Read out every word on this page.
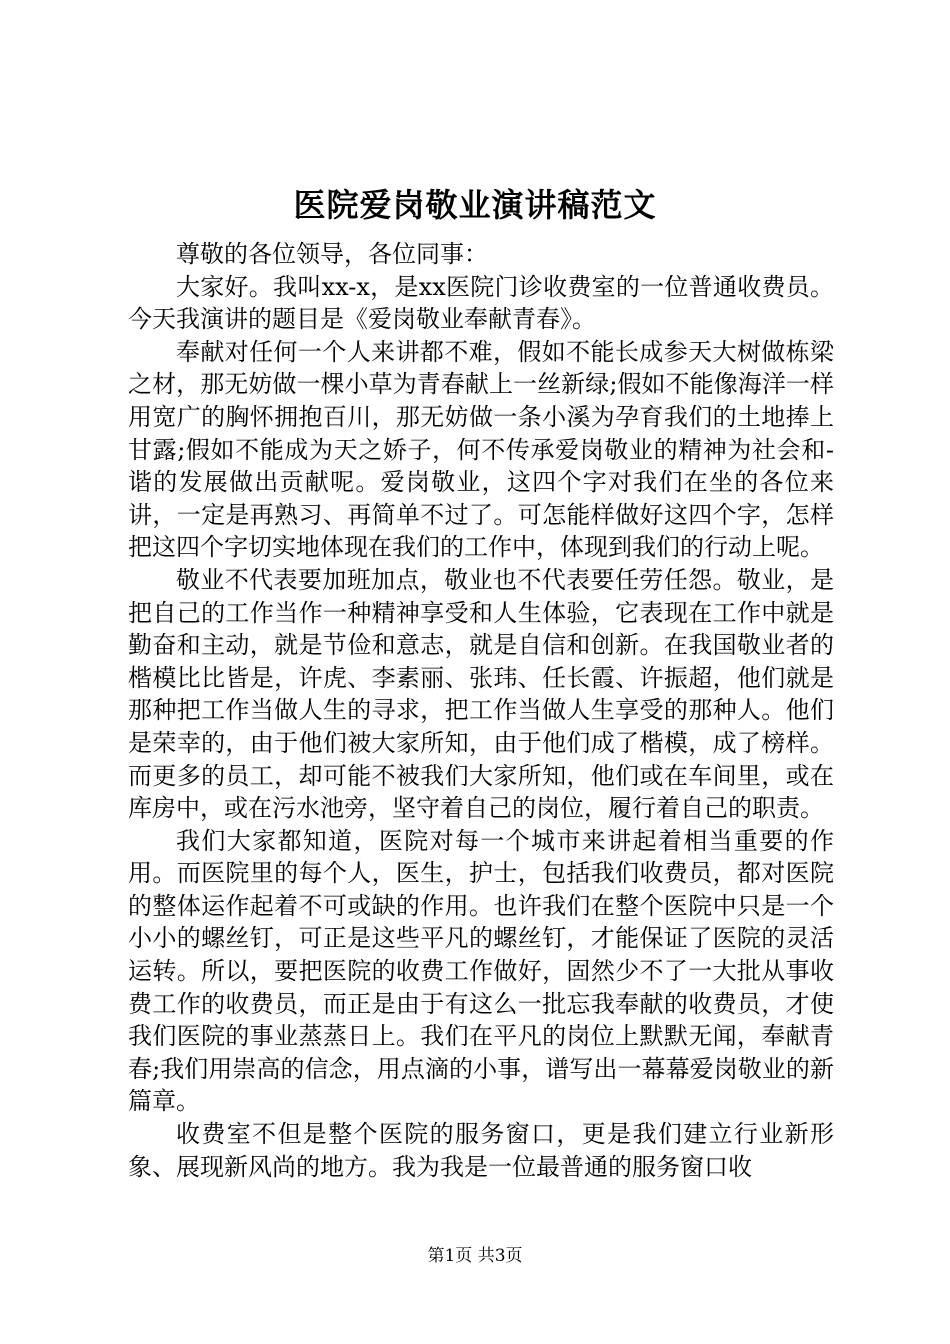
医院爱岗敬业演讲稿范文

尊敬的各位领导，各位同事：

大家好。我叫xx-x，是xx医院门诊收费室的一位普通收费员。今天我演讲的题目是《爱岗敬业奉献青春》。

奉献对任何一个人来讲都不难，假如不能长成参天大树做栋梁之材，那无妨做一棵小草为青春献上一丝新绿;假如不能像海洋一样用宽广的胸怀拥抱百川，那无妨做一条小溪为孕育我们的土地捧上甘露;假如不能成为天之娇子，何不传承爱岗敬业的精神为社会和-谐的发展做出贡献呢。爱岗敬业，这四个字对我们在坐的各位来讲，一定是再熟习、再简单不过了。可怎能样做好这四个字，怎样把这四个字切实地体现在我们的工作中，体现到我们的行动上呢。

敬业不代表要加班加点，敬业也不代表要任劳任怨。敬业，是把自己的工作当作一种精神享受和人生体验，它表现在工作中就是勤奋和主动，就是节俭和意志，就是自信和创新。在我国敬业者的楷模比比皆是，许虎、李素丽、张玮、任长霞、许振超，他们就是那种把工作当做人生的寻求，把工作当做人生享受的那种人。他们是荣幸的，由于他们被大家所知，由于他们成了楷模，成了榜样。而更多的员工，却可能不被我们大家所知，他们或在车间里，或在库房中，或在污水池旁，坚守着自己的岗位，履行着自己的职责。

我们大家都知道，医院对每一个城市来讲起着相当重要的作用。而医院里的每个人，医生，护士，包括我们收费员，都对医院的整体运作起着不可或缺的作用。也许我们在整个医院中只是一个小小的螺丝钉，可正是这些平凡的螺丝钉，才能保证了医院的灵活运转。所以，要把医院的收费工作做好，固然少不了一大批从事收费工作的收费员，而正是由于有这么一批忘我奉献的收费员，才使我们医院的事业蒸蒸日上。我们在平凡的岗位上默默无闻，奉献青春;我们用崇高的信念，用点滴的小事，谱写出一幕幕爱岗敬业的新篇章。

收费室不但是整个医院的服务窗口，更是我们建立行业新形象、展现新风尚的地方。我为我是一位最普通的服务窗口收

第1页 共3页
